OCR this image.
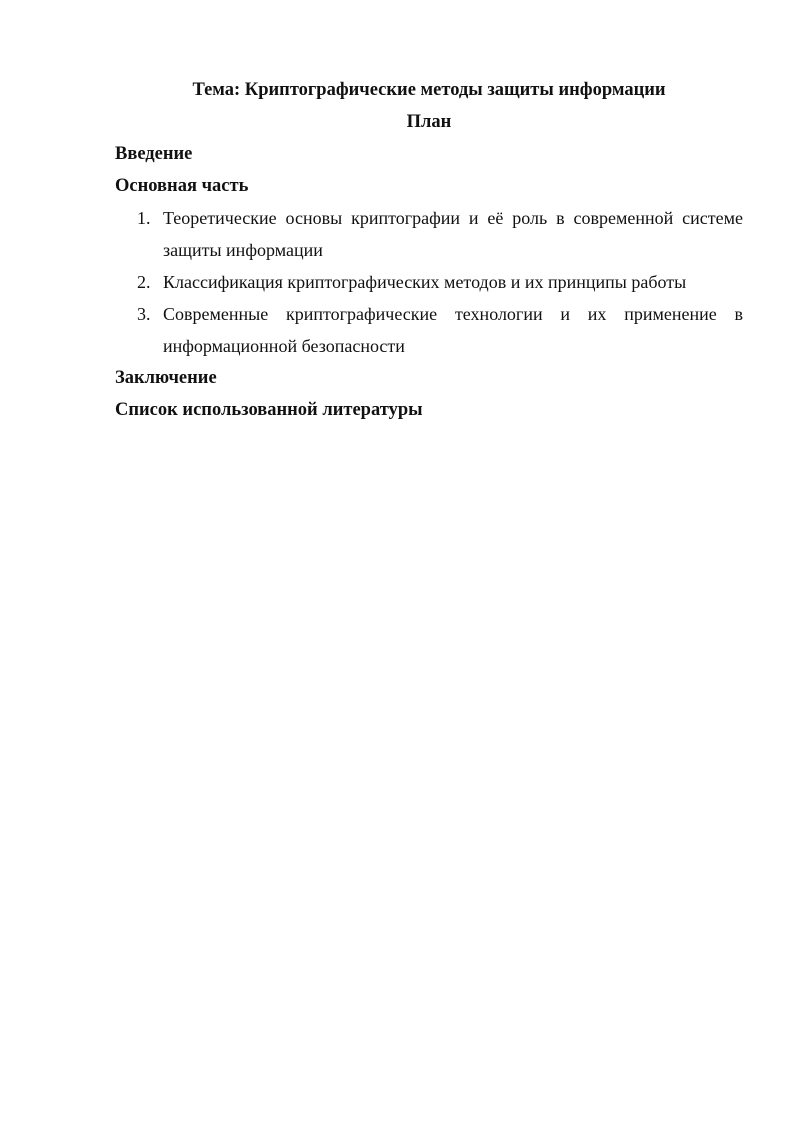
Тема: Криптографические методы защиты информации

План

Введение

Основная часть

1. Теоретические основы криптографии и её роль в современной системе защиты информации
2. Классификация криптографических методов и их принципы работы
3. Современные криптографические технологии и их применение в информационной безопасности

Заключение

Список использованной литературы
